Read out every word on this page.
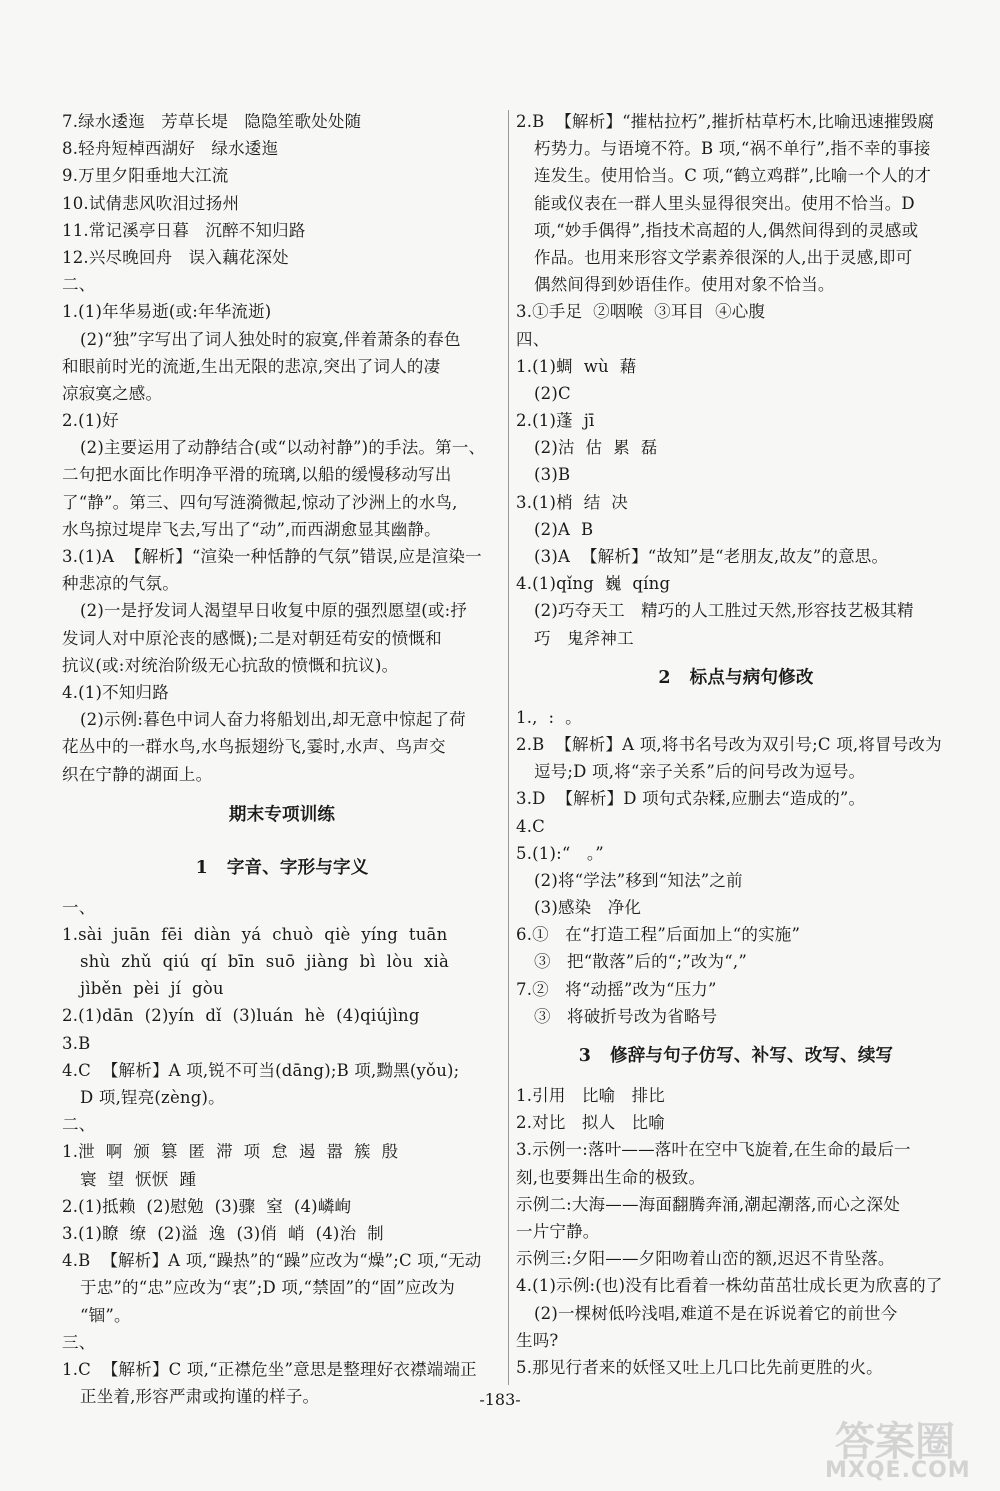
7.绿水逶迤   芳草长堤   隐隐笙歌处处随
8.轻舟短棹西湖好   绿水逶迤
9.万里夕阳垂地大江流
10.试倩悲风吹泪过扬州
11.常记溪亭日暮   沉醉不知归路
12.兴尽晚回舟   误入藕花深处
二、
1.(1)年华易逝(或:年华流逝)
(2)“独”字写出了词人独处时的寂寞,伴着萧条的春色
和眼前时光的流逝,生出无限的悲凉,突出了词人的凄
凉寂寞之感。
2.(1)好
(2)主要运用了动静结合(或“以动衬静”)的手法。第一、
二句把水面比作明净平滑的琉璃,以船的缓慢移动写出
了“静”。第三、四句写涟漪微起,惊动了沙洲上的水鸟,
水鸟掠过堤岸飞去,写出了“动”,而西湖愈显其幽静。
3.(1)A  【解析】“渲染一种恬静的气氛”错误,应是渲染一
种悲凉的气氛。
(2)一是抒发词人渴望早日收复中原的强烈愿望(或:抒
发词人对中原沦丧的感慨);二是对朝廷苟安的愤慨和
抗议(或:对统治阶级无心抗敌的愤慨和抗议)。
4.(1)不知归路
(2)示例:暮色中词人奋力将船划出,却无意中惊起了荷
花丛中的一群水鸟,水鸟振翅纷飞,霎时,水声、鸟声交
织在宁静的湖面上。
期末专项训练
1   字音、字形与字义
一、
1.sài  juān  fēi  diàn  yá  chuò  qiè  yíng  tuān
shù  zhǔ  qiú  qí  bīn  suō  jiàng  bì  lòu  xià
jìběn  pèi  jí  gòu
2.(1)dān  (2)yín  dǐ  (3)luán  hè  (4)qiújìng
3.B
4.C  【解析】A 项,锐不可当(dāng);B 项,黝黑(yǒu);
D 项,锃亮(zèng)。
二、
1.泄  啊  颁  篡  匿  滞  项  怠  遏  嚣  簇  殷
寰  望  恹恹  踵
2.(1)抵赖  (2)慰勉  (3)骤  窒  (4)嶙峋
3.(1)瞭  缭  (2)溢  逸  (3)俏  峭  (4)治  制
4.B  【解析】A 项,“躁热”的“躁”应改为“燥”;C 项,“无动
于忠”的“忠”应改为“衷”;D 项,“禁固”的“固”应改为
“锢”。
三、
1.C  【解析】C 项,“正襟危坐”意思是整理好衣襟端端正
正坐着,形容严肃或拘谨的样子。
2.B  【解析】“摧枯拉朽”,摧折枯草朽木,比喻迅速摧毁腐
朽势力。与语境不符。B 项,“祸不单行”,指不幸的事接
连发生。使用恰当。C 项,“鹤立鸡群”,比喻一个人的才
能或仪表在一群人里头显得很突出。使用不恰当。D
项,“妙手偶得”,指技术高超的人,偶然间得到的灵感或
作品。也用来形容文学素养很深的人,出于灵感,即可
偶然间得到妙语佳作。使用对象不恰当。
3.①手足  ②咽喉  ③耳目  ④心腹
四、
1.(1)蜩  wù  藉
(2)C
2.(1)蓬  jī
(2)沽  估  累  磊
(3)B
3.(1)梢  结  决
(2)A  B
(3)A  【解析】“故知”是“老朋友,故友”的意思。
4.(1)qǐng  巍  qíng
(2)巧夺天工   精巧的人工胜过天然,形容技艺极其精
巧   鬼斧神工
2   标点与病句修改
1.,  :  。
2.B  【解析】A 项,将书名号改为双引号;C 项,将冒号改为
逗号;D 项,将“亲子关系”后的问号改为逗号。
3.D  【解析】D 项句式杂糅,应删去“造成的”。
4.C
5.(1):“   。”
(2)将“学法”移到“知法”之前
(3)感染   净化
6.①   在“打造工程”后面加上“的实施”
③   把“散落”后的“;”改为“,”
7.②   将“动摇”改为“压力”
③   将破折号改为省略号
3   修辞与句子仿写、补写、改写、续写
1.引用   比喻   排比
2.对比   拟人   比喻
3.示例一:落叶——落叶在空中飞旋着,在生命的最后一
刻,也要舞出生命的极致。
示例二:大海——海面翻腾奔涌,潮起潮落,而心之深处
一片宁静。
示例三:夕阳——夕阳吻着山峦的额,迟迟不肯坠落。
4.(1)示例:(也)没有比看着一株幼苗茁壮成长更为欣喜的了
(2)一棵树低吟浅唱,难道不是在诉说着它的前世今
生吗?
5.那见行者来的妖怪又吐上几口比先前更胜的火。
-183-
答案圈
MXQE.COM
